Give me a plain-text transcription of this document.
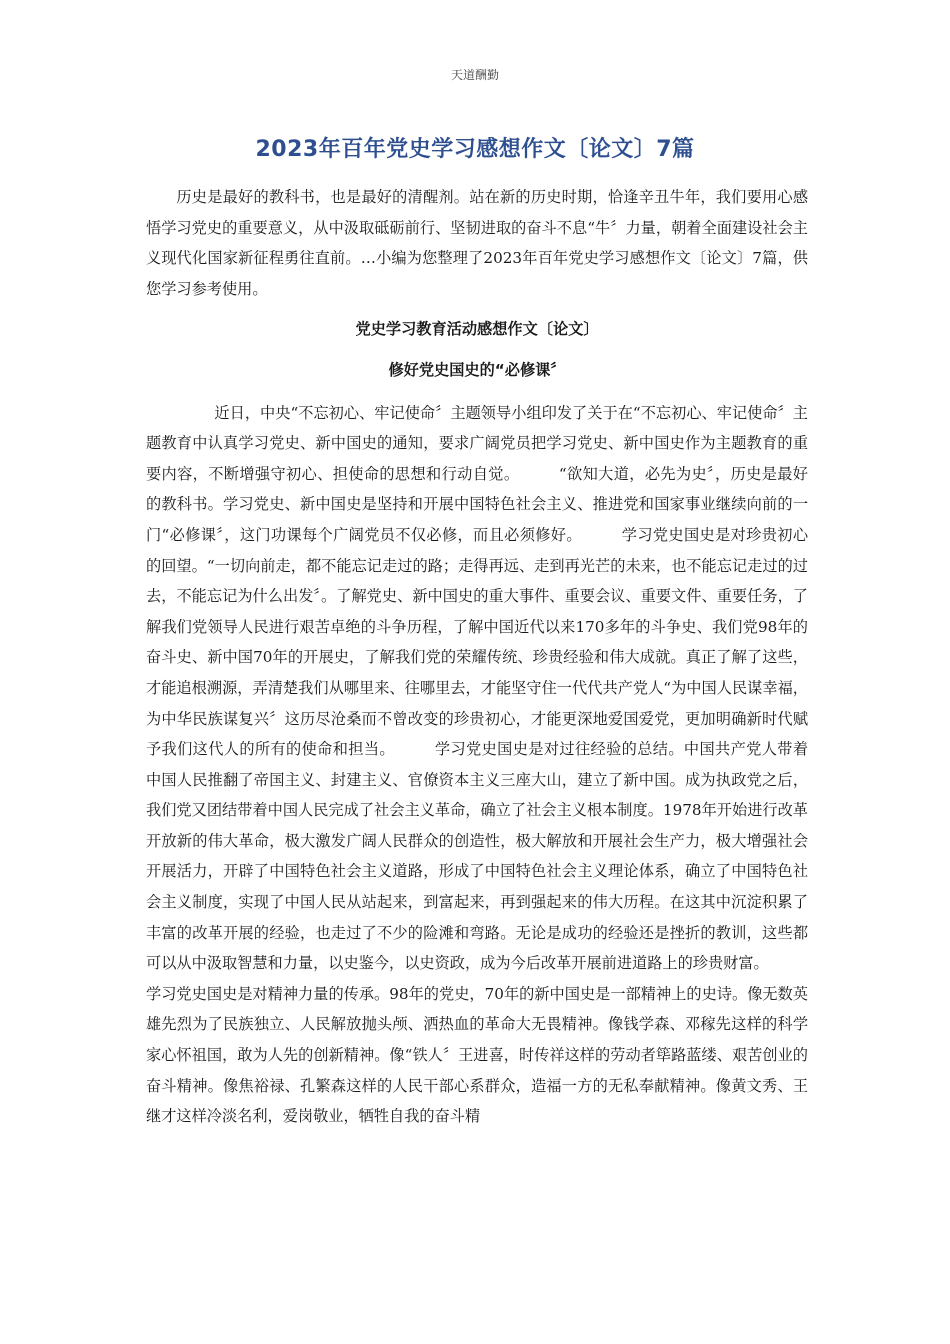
天道酬勤
2023年百年党史学习感想作文〔论文〕7篇

历史是最好的教科书，也是最好的清醒剂。站在新的历史时期，恰逢辛丑牛年，我们要用心感悟学习党史的重要意义，从中汲取砥砺前行、坚韧进取的奋斗不息“牛〞力量，朝着全面建设社会主义现代化国家新征程勇往直前。…小编为您整理了2023年百年党史学习感想作文〔论文〕7篇，供您学习参考使用。

党史学习教育活动感想作文〔论文〕

修好党史国史的“必修课〞

近日，中央“不忘初心、牢记使命〞主题领导小组印发了关于在“不忘初心、牢记使命〞主题教育中认真学习党史、新中国史的通知，要求广阔党员把学习党史、新中国史作为主题教育的重要内容，不断增强守初心、担使命的思想和行动自觉。	“欲知大道，必先为史〞，历史是最好的教科书。学习党史、新中国史是坚持和开展中国特色社会主义、推进党和国家事业继续向前的一门“必修课〞，这门功课每个广阔党员不仅必修，而且必须修好。	学习党史国史是对珍贵初心的回望。“一切向前走，都不能忘记走过的路；走得再远、走到再光芒的未来，也不能忘记走过的过去，不能忘记为什么出发〞。了解党史、新中国史的重大事件、重要会议、重要文件、重要任务，了解我们党领导人民进行艰苦卓绝的斗争历程，了解中国近代以来170多年的斗争史、我们党98年的奋斗史、新中国70年的开展史，了解我们党的荣耀传统、珍贵经验和伟大成就。真正了解了这些，才能追根溯源，弄清楚我们从哪里来、往哪里去，才能坚守住一代代共产党人“为中国人民谋幸福，为中华民族谋复兴〞这历尽沧桑而不曾改变的珍贵初心，才能更深地爱国爱党，更加明确新时代赋予我们这代人的所有的使命和担当。	学习党史国史是对过往经验的总结。中国共产党人带着中国人民推翻了帝国主义、封建主义、官僚资本主义三座大山，建立了新中国。成为执政党之后，我们党又团结带着中国人民完成了社会主义革命，确立了社会主义根本制度。1978年开始进行改革开放新的伟大革命，极大激发广阔人民群众的创造性，极大解放和开展社会生产力，极大增强社会开展活力，开辟了中国特色社会主义道路，形成了中国特色社会主义理论体系，确立了中国特色社会主义制度，实现了中国人民从站起来，到富起来，再到强起来的伟大历程。在这其中沉淀积累了丰富的改革开展的经验，也走过了不少的险滩和弯路。无论是成功的经验还是挫折的教训，这些都可以从中汲取智慧和力量，以史鉴今，以史资政，成为今后改革开展前进道路上的珍贵财富。

学习党史国史是对精神力量的传承。98年的党史，70年的新中国史是一部精神上的史诗。像无数英雄先烈为了民族独立、人民解放抛头颅、洒热血的革命大无畏精神。像钱学森、邓稼先这样的科学家心怀祖国，敢为人先的创新精神。像“铁人〞王进喜，时传祥这样的劳动者筚路蓝缕、艰苦创业的奋斗精神。像焦裕禄、孔繁森这样的人民干部心系群众，造福一方的无私奉献精神。像黄文秀、王继才这样冷淡名利，爱岗敬业，牺牲自我的奋斗精
